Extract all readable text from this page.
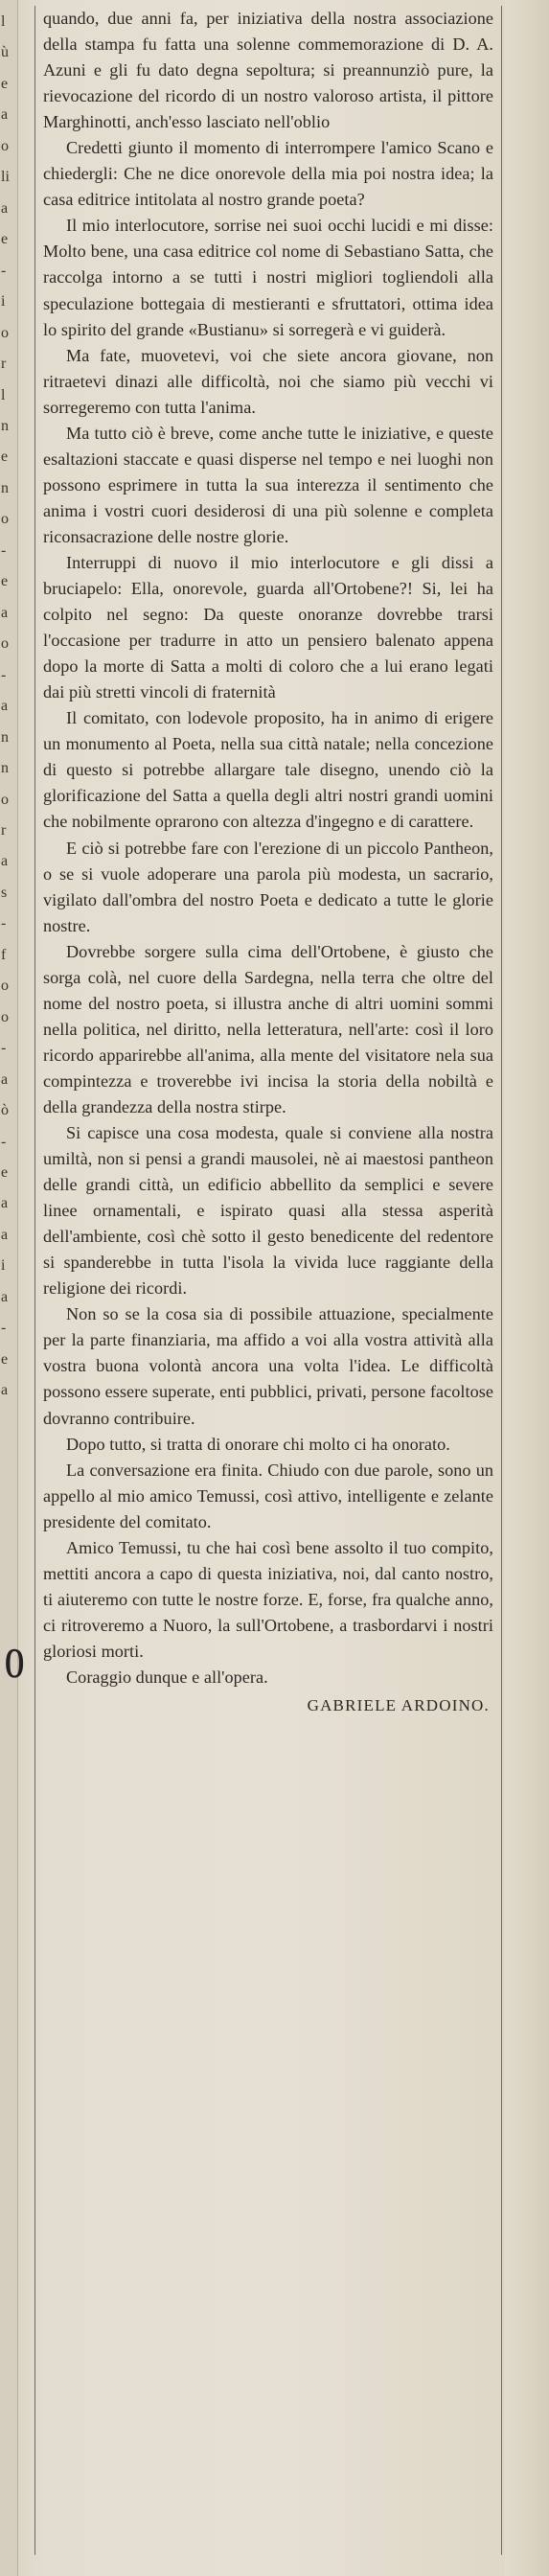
O
l
ù
e
a
o
li
a
e
-
i
o
r
l
n
e
n
o
-
e
a
o
-
a
n
n
o
r
a
s
-
f
o
o
-
a
ò
-
e
a
a
i
a
-
e
a

quando, due anni fa, per iniziativa della nostra associazione della stampa fu fatta una solenne commemorazione di D. A. Azuni e gli fu dato degna sepoltura; si preannunziò pure, la rievocazione del ricordo di un nostro valoroso artista, il pittore Marghinotti, anch'esso lasciato nell'oblio

Credetti giunto il momento di interrompere l'amico Scano e chiedergli: Che ne dice onorevole della mia poi nostra idea; la casa editrice intitolata al nostro grande poeta?

Il mio interlocutore, sorrise nei suoi occhi lucidi e mi disse: Molto bene, una casa editrice col nome di Sebastiano Satta, che raccolga intorno a se tutti i nostri migliori togliendoli alla speculazione bottegaia di mestieranti e sfruttatori, ottima idea lo spirito del grande «Bustianu» si sorregerà e vi guiderà.

Ma fate, muovetevi, voi che siete ancora giovane, non ritraetevi dinazi alle difficoltà, noi che siamo più vecchi vi sorregeremo con tutta l'anima.

Ma tutto ciò è breve, come anche tutte le iniziative, e queste esaltazioni staccate e quasi disperse nel tempo e nei luoghi non possono esprimere in tutta la sua interezza il sentimento che anima i vostri cuori desiderosi di una più solenne e completa riconsacrazione delle nostre glorie.

Interruppi di nuovo il mio interlocutore e gli dissi a bruciapelo: Ella, onorevole, guarda all'Ortobene?! Si, lei ha colpito nel segno: Da queste onoranze dovrebbe trarsi l'occasione per tradurre in atto un pensiero balenato appena dopo la morte di Satta a molti di coloro che a lui erano legati dai più stretti vincoli di fraternità

Il comitato, con lodevole proposito, ha in animo di erigere un monumento al Poeta, nella sua città natale; nella concezione di questo si potrebbe allargare tale disegno, unendo ciò la glorificazione del Satta a quella degli altri nostri grandi uomini che nobilmente oprarono con altezza d'ingegno e di carattere.

E ciò si potrebbe fare con l'erezione di un piccolo Pantheon, o se si vuole adoperare una parola più modesta, un sacrario, vigilato dall'ombra del nostro Poeta e dedicato a tutte le glorie nostre.

Dovrebbe sorgere sulla cima dell'Ortobene, è giusto che sorga colà, nel cuore della Sardegna, nella terra che oltre del nome del nostro poeta, si illustra anche di altri uomini sommi nella politica, nel diritto, nella letteratura, nell'arte: così il loro ricordo apparirebbe all'anima, alla mente del visitatore nela sua compintezza e troverebbe ivi incisa la storia della nobiltà e della grandezza della nostra stirpe.

Si capisce una cosa modesta, quale si conviene alla nostra umiltà, non si pensi a grandi mausolei, nè ai maestosi pantheon delle grandi città, un edificio abbellito da semplici e severe linee ornamentali, e ispirato quasi alla stessa asperità dell'ambiente, così chè sotto il gesto benedicente del redentore si spanderebbe in tutta l'isola la vivida luce raggiante della religione dei ricordi.

Non so se la cosa sia di possibile attuazione, specialmente per la parte finanziaria, ma affido a voi alla vostra attività alla vostra buona volontà ancora una volta l'idea. Le difficoltà possono essere superate, enti pubblici, privati, persone facoltose dovranno contribuire.

Dopo tutto, si tratta di onorare chi molto ci ha onorato.

La conversazione era finita. Chiudo con due parole, sono un appello al mio amico Temussi, così attivo, intelligente e zelante presidente del comitato.

Amico Temussi, tu che hai così bene assolto il tuo compito, mettiti ancora a capo di questa iniziativa, noi, dal canto nostro, ti aiuteremo con tutte le nostre forze. E, forse, fra qualche anno, ci ritroveremo a Nuoro, la sull'Ortobene, a trasbordarvi i nostri gloriosi morti.

Coraggio dunque e all'opera.

GABRIELE ARDOINO.
